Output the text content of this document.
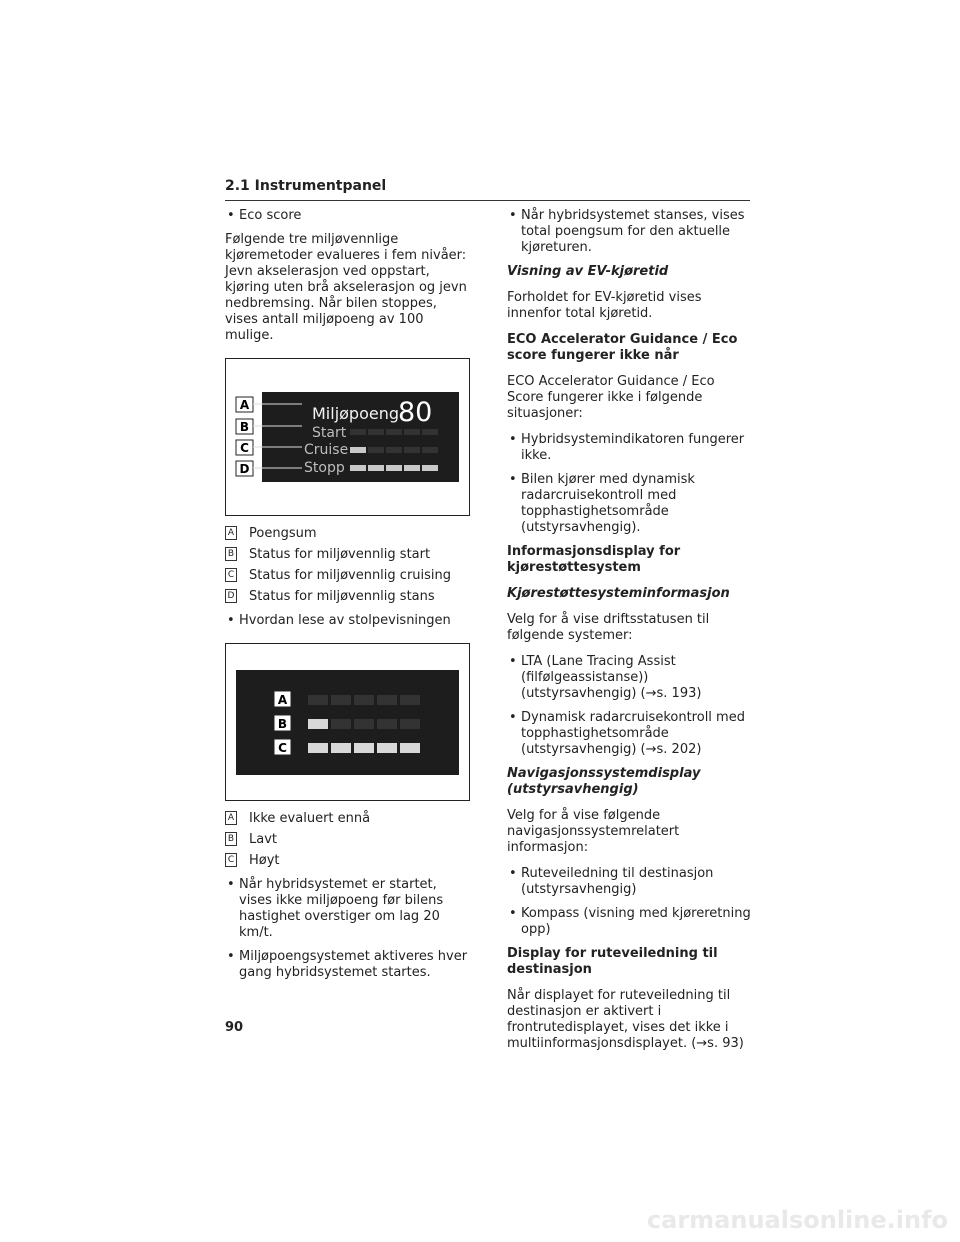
2.1 Instrumentpanel
• Eco score

Følgende tre miljøvennlige kjøremetoder evalueres i fem nivåer: Jevn akselerasjon ved oppstart, kjøring uten brå akselerasjon og jevn nedbremsing. Når bilen stoppes, vises antall miljøpoeng av 100 mulige.

Miljøpoeng
80
Start
Cruise
Stopp
A
B
C
D
A Poengsum
B Status for miljøvennlig start
C Status for miljøvennlig cruising
D Status for miljøvennlig stans
• Hvordan lese av stolpevisningen
A
B
C
A Ikke evaluert ennå
B Lavt
C Høyt
• Når hybridsystemet er startet, vises ikke miljøpoeng før bilens hastighet overstiger om lag 20 km/t.
• Miljøpoengsystemet aktiveres hver gang hybridsystemet startes.
• Når hybridsystemet stanses, vises total poengsum for den aktuelle kjøreturen.

Visning av EV-kjøretid

Forholdet for EV-kjøretid vises innenfor total kjøretid.

ECO Accelerator Guidance / Eco score fungerer ikke når

ECO Accelerator Guidance / Eco Score fungerer ikke i følgende situasjoner:

• Hybridsystemindikatoren fungerer ikke.
• Bilen kjører med dynamisk radarcruisekontroll med topphastighetsområde (utstyrsavhengig).

Informasjonsdisplay for kjørestøttesystem

Kjørestøttesysteminformasjon

Velg for å vise driftsstatusen til følgende systemer:

• LTA (Lane Tracing Assist (filfølgeassistanse)) (utstyrsavhengig) (→s. 193)
• Dynamisk radarcruisekontroll med topphastighetsområde (utstyrsavhengig) (→s. 202)

Navigasjonssystemdisplay (utstyrsavhengig)

Velg for å vise følgende navigasjonssystemrelatert informasjon:

• Ruteveiledning til destinasjon (utstyrsavhengig)
• Kompass (visning med kjøreretning opp)

Display for ruteveiledning til destinasjon

Når displayet for ruteveiledning til destinasjon er aktivert i frontrutedisplayet, vises det ikke i multiinformasjonsdisplayet. (→s. 93)

90
carmanualsonline.info
